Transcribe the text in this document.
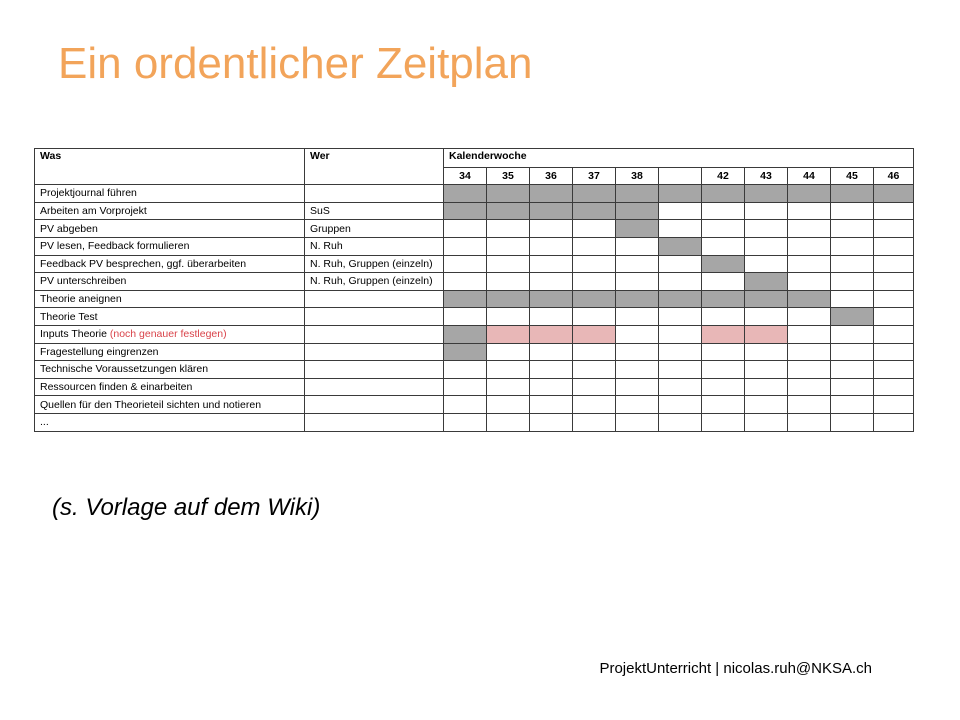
Ein ordentlicher Zeitplan
Was	Wer	Kalenderwoche										
		34	35	36	37	38		42	43	44	45	46
Projektjournal führen												
Arbeiten am Vorprojekt	SuS											
PV abgeben	Gruppen											
PV lesen, Feedback formulieren	N. Ruh											
Feedback PV besprechen, ggf. überarbeiten	N. Ruh, Gruppen (einzeln)											
PV unterschreiben	N. Ruh, Gruppen (einzeln)											
Theorie aneignen												
Theorie Test												
Inputs Theorie (noch genauer festlegen)												
Fragestellung eingrenzen												
Technische Voraussetzungen klären												
Ressourcen finden & einarbeiten												
Quellen für den Theorieteil sichten und notieren												
...												

(s. Vorlage auf dem Wiki)

ProjektUnterricht | nicolas.ruh@NKSA.ch
